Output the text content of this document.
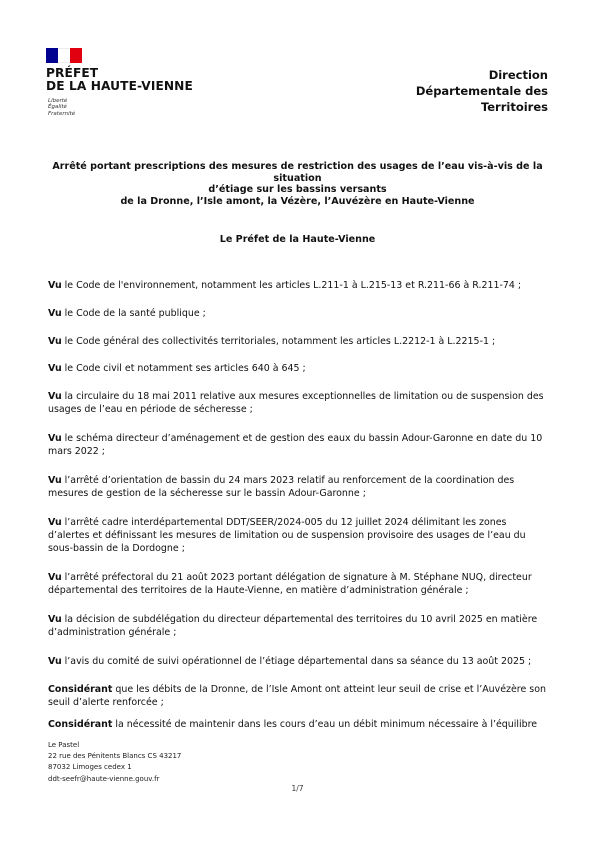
PRÉFET
DE LA HAUTE-VIENNE
Liberté
Égalité
Fraternité
Direction
Départementale des
Territoires
Arrêté portant prescriptions des mesures de restriction des usages de l’eau vis-à-vis de la situation
d’étiage sur les bassins versants
de la Dronne, l’Isle amont, la Vézère, l’Auvézère en Haute-Vienne
Le Préfet de la Haute-Vienne
Vu le Code de l'environnement, notamment les articles L.211-1 à L.215-13 et R.211-66 à R.211-74 ;
Vu le Code de la santé publique ;
Vu le Code général des collectivités territoriales, notamment les articles L.2212-1 à L.2215-1 ;
Vu le Code civil et notamment ses articles 640 à 645 ;
Vu la circulaire du 18 mai 2011 relative aux mesures exceptionnelles de limitation ou de suspension des usages de l’eau en période de sécheresse ;
Vu le schéma directeur d’aménagement et de gestion des eaux du bassin Adour-Garonne en date du 10 mars 2022 ;
Vu l’arrêté d’orientation de bassin du 24 mars 2023 relatif au renforcement de la coordination des mesures de gestion de la sécheresse sur le bassin Adour-Garonne ;
Vu l’arrêté cadre interdépartemental DDT/SEER/2024-005 du 12 juillet 2024 délimitant les zones d’alertes et définissant les mesures de limitation ou de suspension provisoire des usages de l’eau du sous-bassin de la Dordogne ;
Vu l’arrêté préfectoral du 21 août 2023 portant délégation de signature à M. Stéphane NUQ, directeur départemental des territoires de la Haute-Vienne, en matière d’administration générale ;
Vu la décision de subdélégation du directeur départemental des territoires du 10 avril 2025 en matière d’administration générale ;
Vu l’avis du comité de suivi opérationnel de l’étiage départemental dans sa séance du 13 août 2025 ;
Considérant que les débits de la Dronne, de l’Isle Amont ont atteint leur seuil de crise et l’Auvézère son seuil d’alerte renforcée ;
Considérant la nécessité de maintenir dans les cours d’eau un débit minimum nécessaire à l’équilibre
Le Pastel
22 rue des Pénitents Blancs CS 43217
87032 Limoges cedex 1
ddt-seefr@haute-vienne.gouv.fr
1/7
